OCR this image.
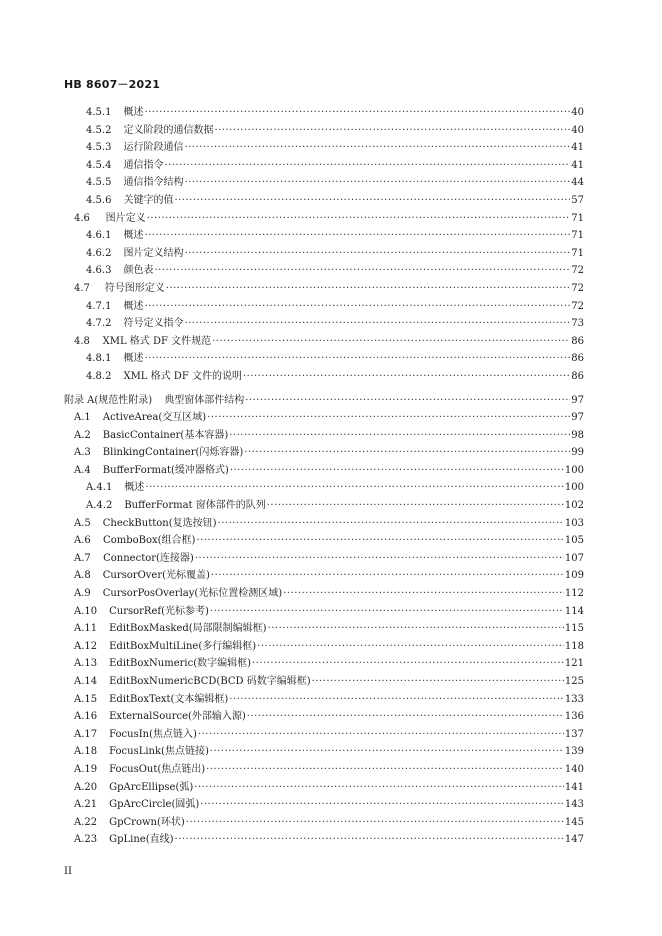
HB 8607－2021
4.5.1 概述 ·····	40
4.5.2 定义阶段的通信数据 ·····	40
4.5.3 运行阶段通信 ·····	41
4.5.4 通信指令 ·····	41
4.5.5 通信指令结构 ·····	44
4.5.6 关键字的值 ·····	57
4.6	图片定义 ·····	71
4.6.1 概述 ·····	71
4.6.2 图片定义结构 ·····	71
4.6.3 颜色表 ·····	72
4.7 符号图形定义 ·····	72
4.7.1 概述 ·····	72
4.7.2 符号定义指令 ·····	73
4.8 XML 格式 DF 文件规范 ·····	86
4.8.1 概述 ·····	86
4.8.2 XML 格式 DF 文件的说明 ·····	86
附录 A(规范性附录) 典型窗体部件结构 ·····	97
A.1 ActiveArea(交互区域) ·····	97
A.2 BasicContainer(基本容器) ·····	98
A.3 BlinkingContainer(闪烁容器) ·····	99
A.4 BufferFormat(缓冲器格式) ·····	100
A.4.1 概述 ·····	100
A.4.2 BufferFormat 窗体部件的队列 ·····	102
A.5 CheckButton(复选按钮) ·····	103
A.6 ComboBox(组合框) ·····	105
A.7 Connector(连接器) ·····	107
A.8 CursorOver(光标覆盖) ·····	109
A.9 CursorPosOverlay(光标位置检测区域) ·····	112
A.10 CursorRef(光标参考) ·····	114
A.11 EditBoxMasked(局部限制编辑框) ·····	115
A.12 EditBoxMultiLine(多行编辑框) ·····	118
A.13 EditBoxNumeric(数字编辑框) ·····	121
A.14 EditBoxNumericBCD(BCD 码数字编辑框) ·····	125
A.15 EditBoxText(文本编辑框) ·····	133
A.16 ExternalSource(外部输入源) ·····	136
A.17 FocusIn(焦点链入) ·····	137
A.18 FocusLink(焦点链接) ·····	139
A.19 FocusOut(焦点链出) ·····	140
A.20 GpArcEllipse(弧) ·····	141
A.21 GpArcCircle(圆弧) ·····	143
A.22 GpCrown(环状) ·····	145
A.23 GpLine(直线) ·····	147
II
